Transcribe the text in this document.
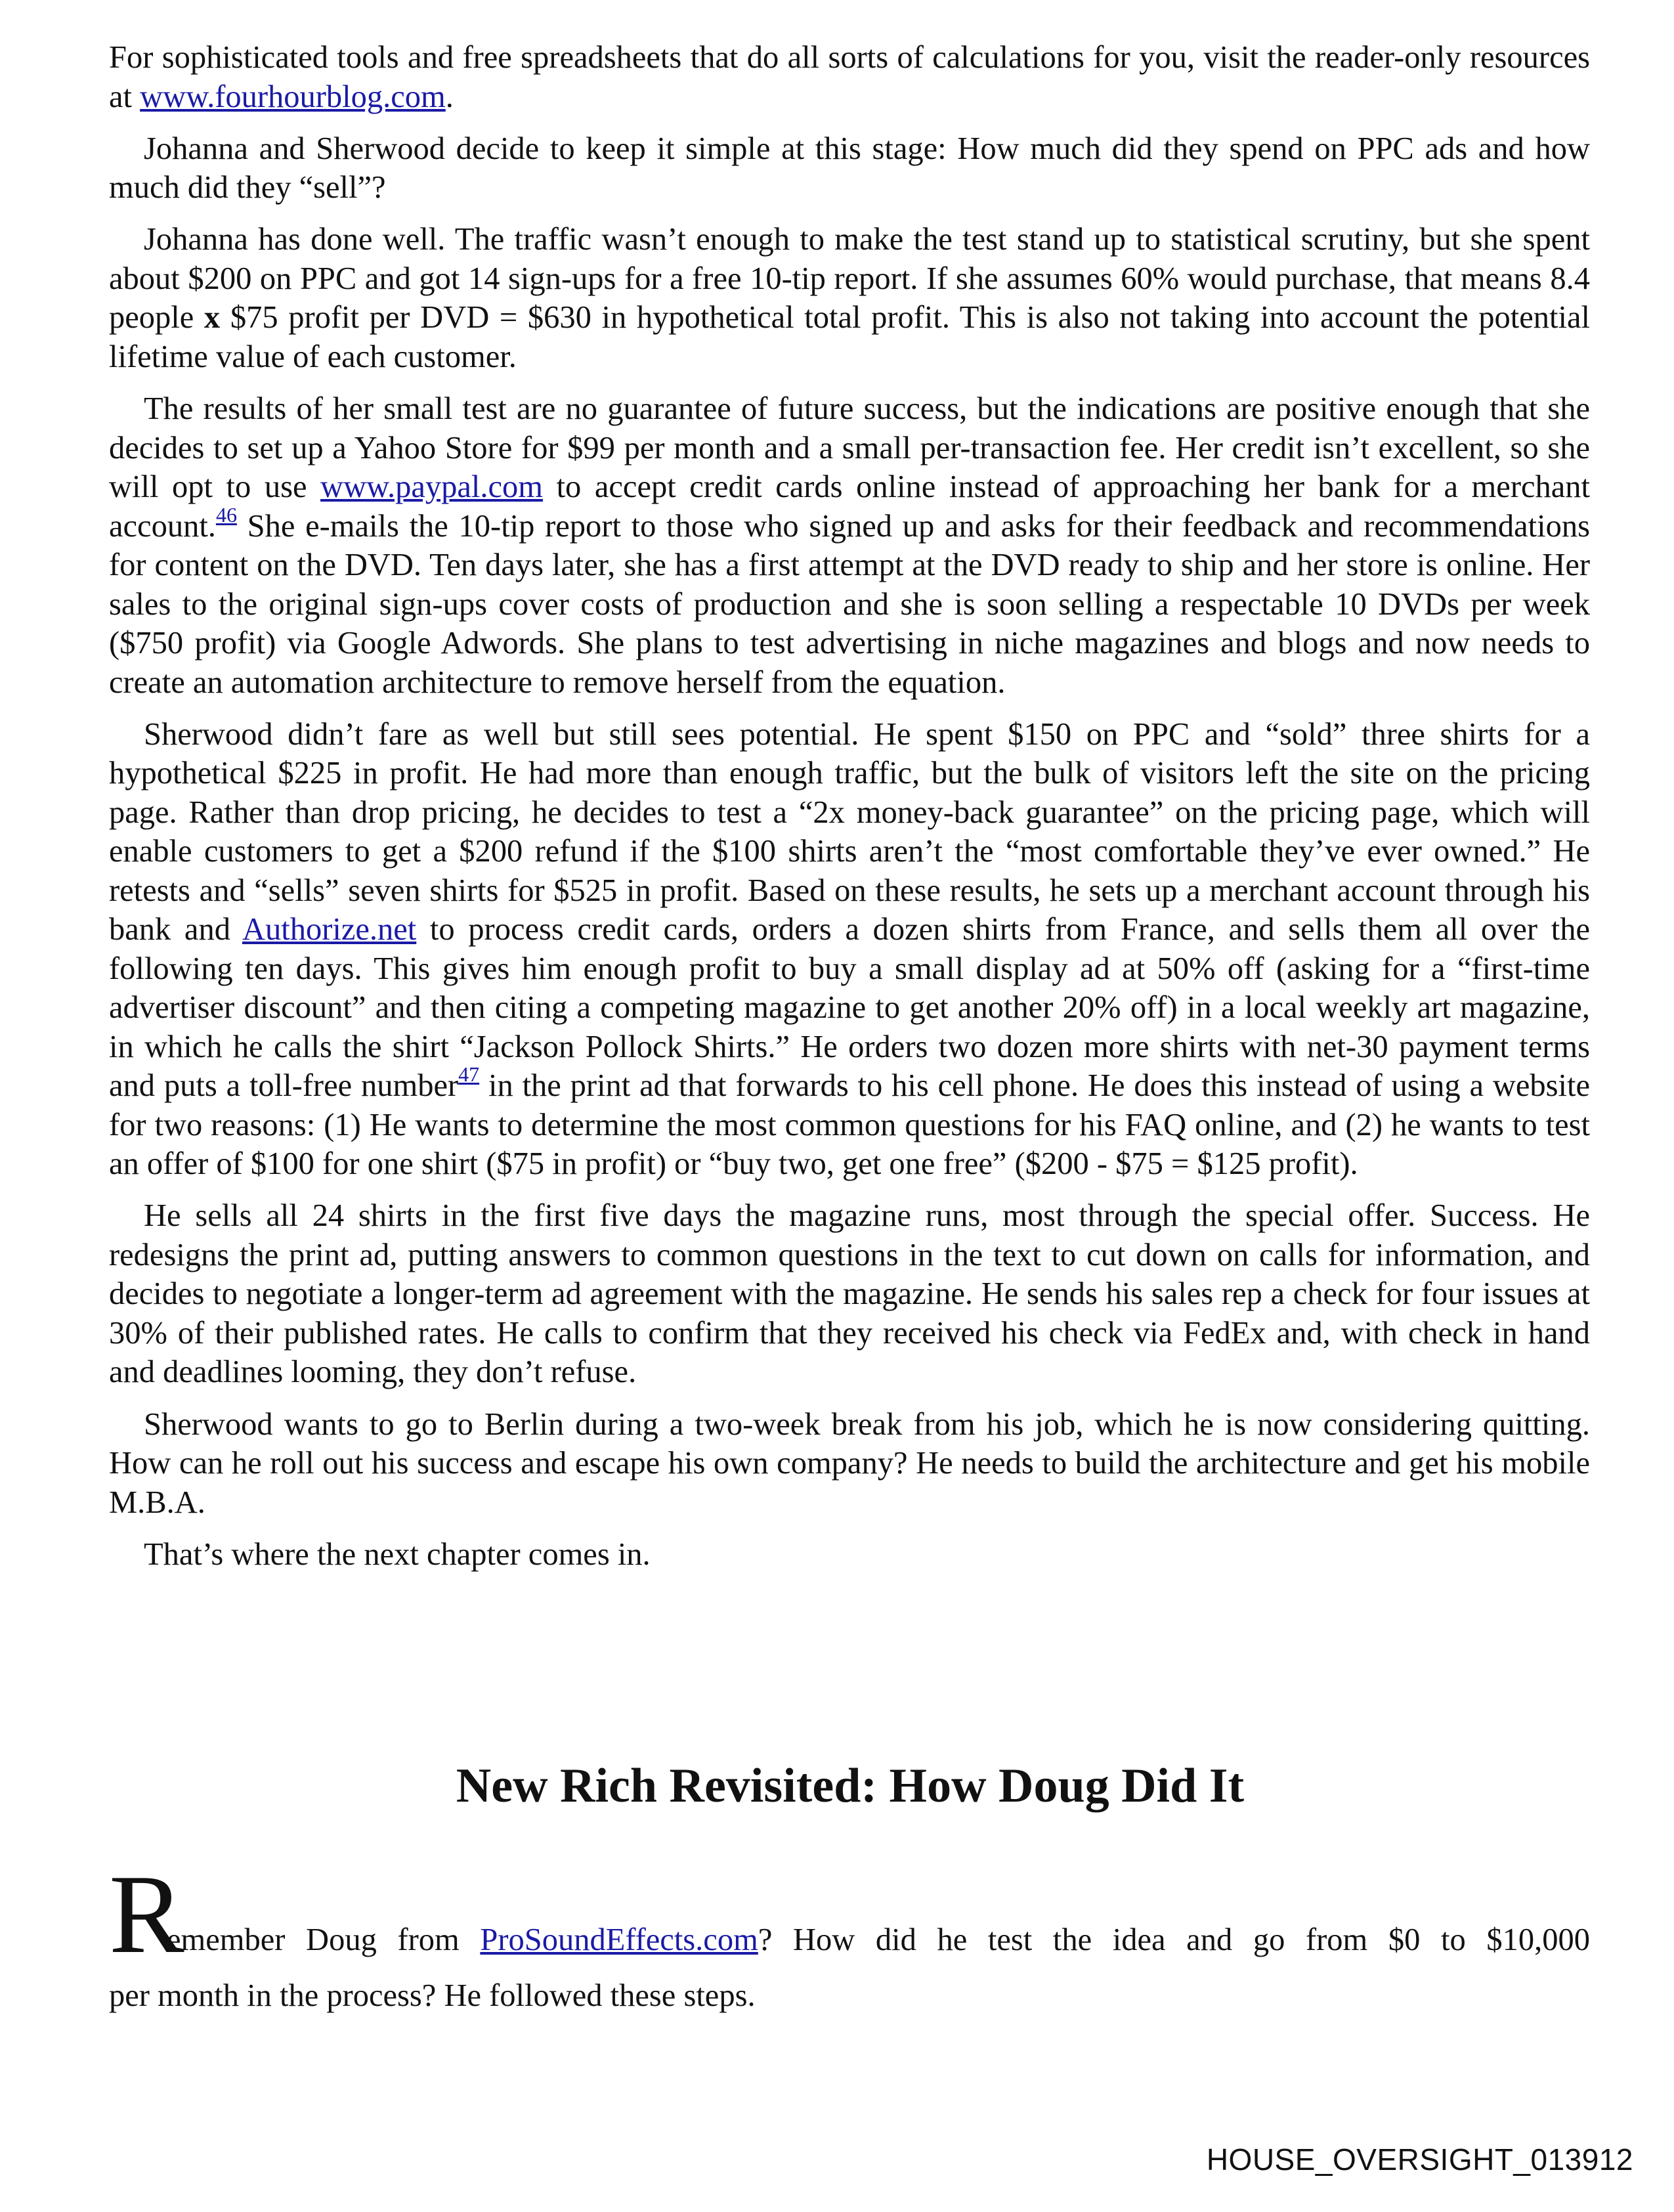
For sophisticated tools and free spreadsheets that do all sorts of calculations for you, visit the reader-only resources at www.fourhourblog.com.

Johanna and Sherwood decide to keep it simple at this stage: How much did they spend on PPC ads and how much did they “sell”?

Johanna has done well. The traffic wasn’t enough to make the test stand up to statistical scrutiny, but she spent about $200 on PPC and got 14 sign-ups for a free 10-tip report. If she assumes 60% would purchase, that means 8.4 people x $75 profit per DVD = $630 in hypothetical total profit. This is also not taking into account the potential lifetime value of each customer.

The results of her small test are no guarantee of future success, but the indications are positive enough that she decides to set up a Yahoo Store for $99 per month and a small per-transaction fee. Her credit isn’t excellent, so she will opt to use www.paypal.com to accept credit cards online instead of approaching her bank for a merchant account.$^{46}$ She e-mails the 10-tip report to those who signed up and asks for their feedback and recommendations for content on the DVD. Ten days later, she has a first attempt at the DVD ready to ship and her store is online. Her sales to the original sign-ups cover costs of production and she is soon selling a respectable 10 DVDs per week ($750 profit) via Google Adwords. She plans to test advertising in niche magazines and blogs and now needs to create an automation architecture to remove herself from the equation.

Sherwood didn’t fare as well but still sees potential. He spent $150 on PPC and “sold” three shirts for a hypothetical $225 in profit. He had more than enough traffic, but the bulk of visitors left the site on the pricing page. Rather than drop pricing, he decides to test a “2x money-back guarantee” on the pricing page, which will enable customers to get a $200 refund if the $100 shirts aren’t the “most comfortable they’ve ever owned.” He retests and “sells” seven shirts for $525 in profit. Based on these results, he sets up a merchant account through his bank and Authorize.net to process credit cards, orders a dozen shirts from France, and sells them all over the following ten days. This gives him enough profit to buy a small display ad at 50% off (asking for a “first-time advertiser discount” and then citing a competing magazine to get another 20% off) in a local weekly art magazine, in which he calls the shirt “Jackson Pollock Shirts.” He orders two dozen more shirts with net-30 payment terms and puts a toll-free number$^{47}$ in the print ad that forwards to his cell phone. He does this instead of using a website for two reasons: (1) He wants to determine the most common questions for his FAQ online, and (2) he wants to test an offer of $100 for one shirt ($75 in profit) or “buy two, get one free” ($200 - $75 = $125 profit).

He sells all 24 shirts in the first five days the magazine runs, most through the special offer. Success. He redesigns the print ad, putting answers to common questions in the text to cut down on calls for information, and decides to negotiate a longer-term ad agreement with the magazine. He sends his sales rep a check for four issues at 30% of their published rates. He calls to confirm that they received his check via FedEx and, with check in hand and deadlines looming, they don’t refuse.

Sherwood wants to go to Berlin during a two-week break from his job, which he is now considering quitting. How can he roll out his success and escape his own company? He needs to build the architecture and get his mobile M.B.A.

That’s where the next chapter comes in.

New Rich Revisited: How Doug Did It
R
emember Doug from ProSoundEffects.com? How did he test the idea and go from $0 to $10,000
per month in the process? He followed these steps.
HOUSE_OVERSIGHT_013912
